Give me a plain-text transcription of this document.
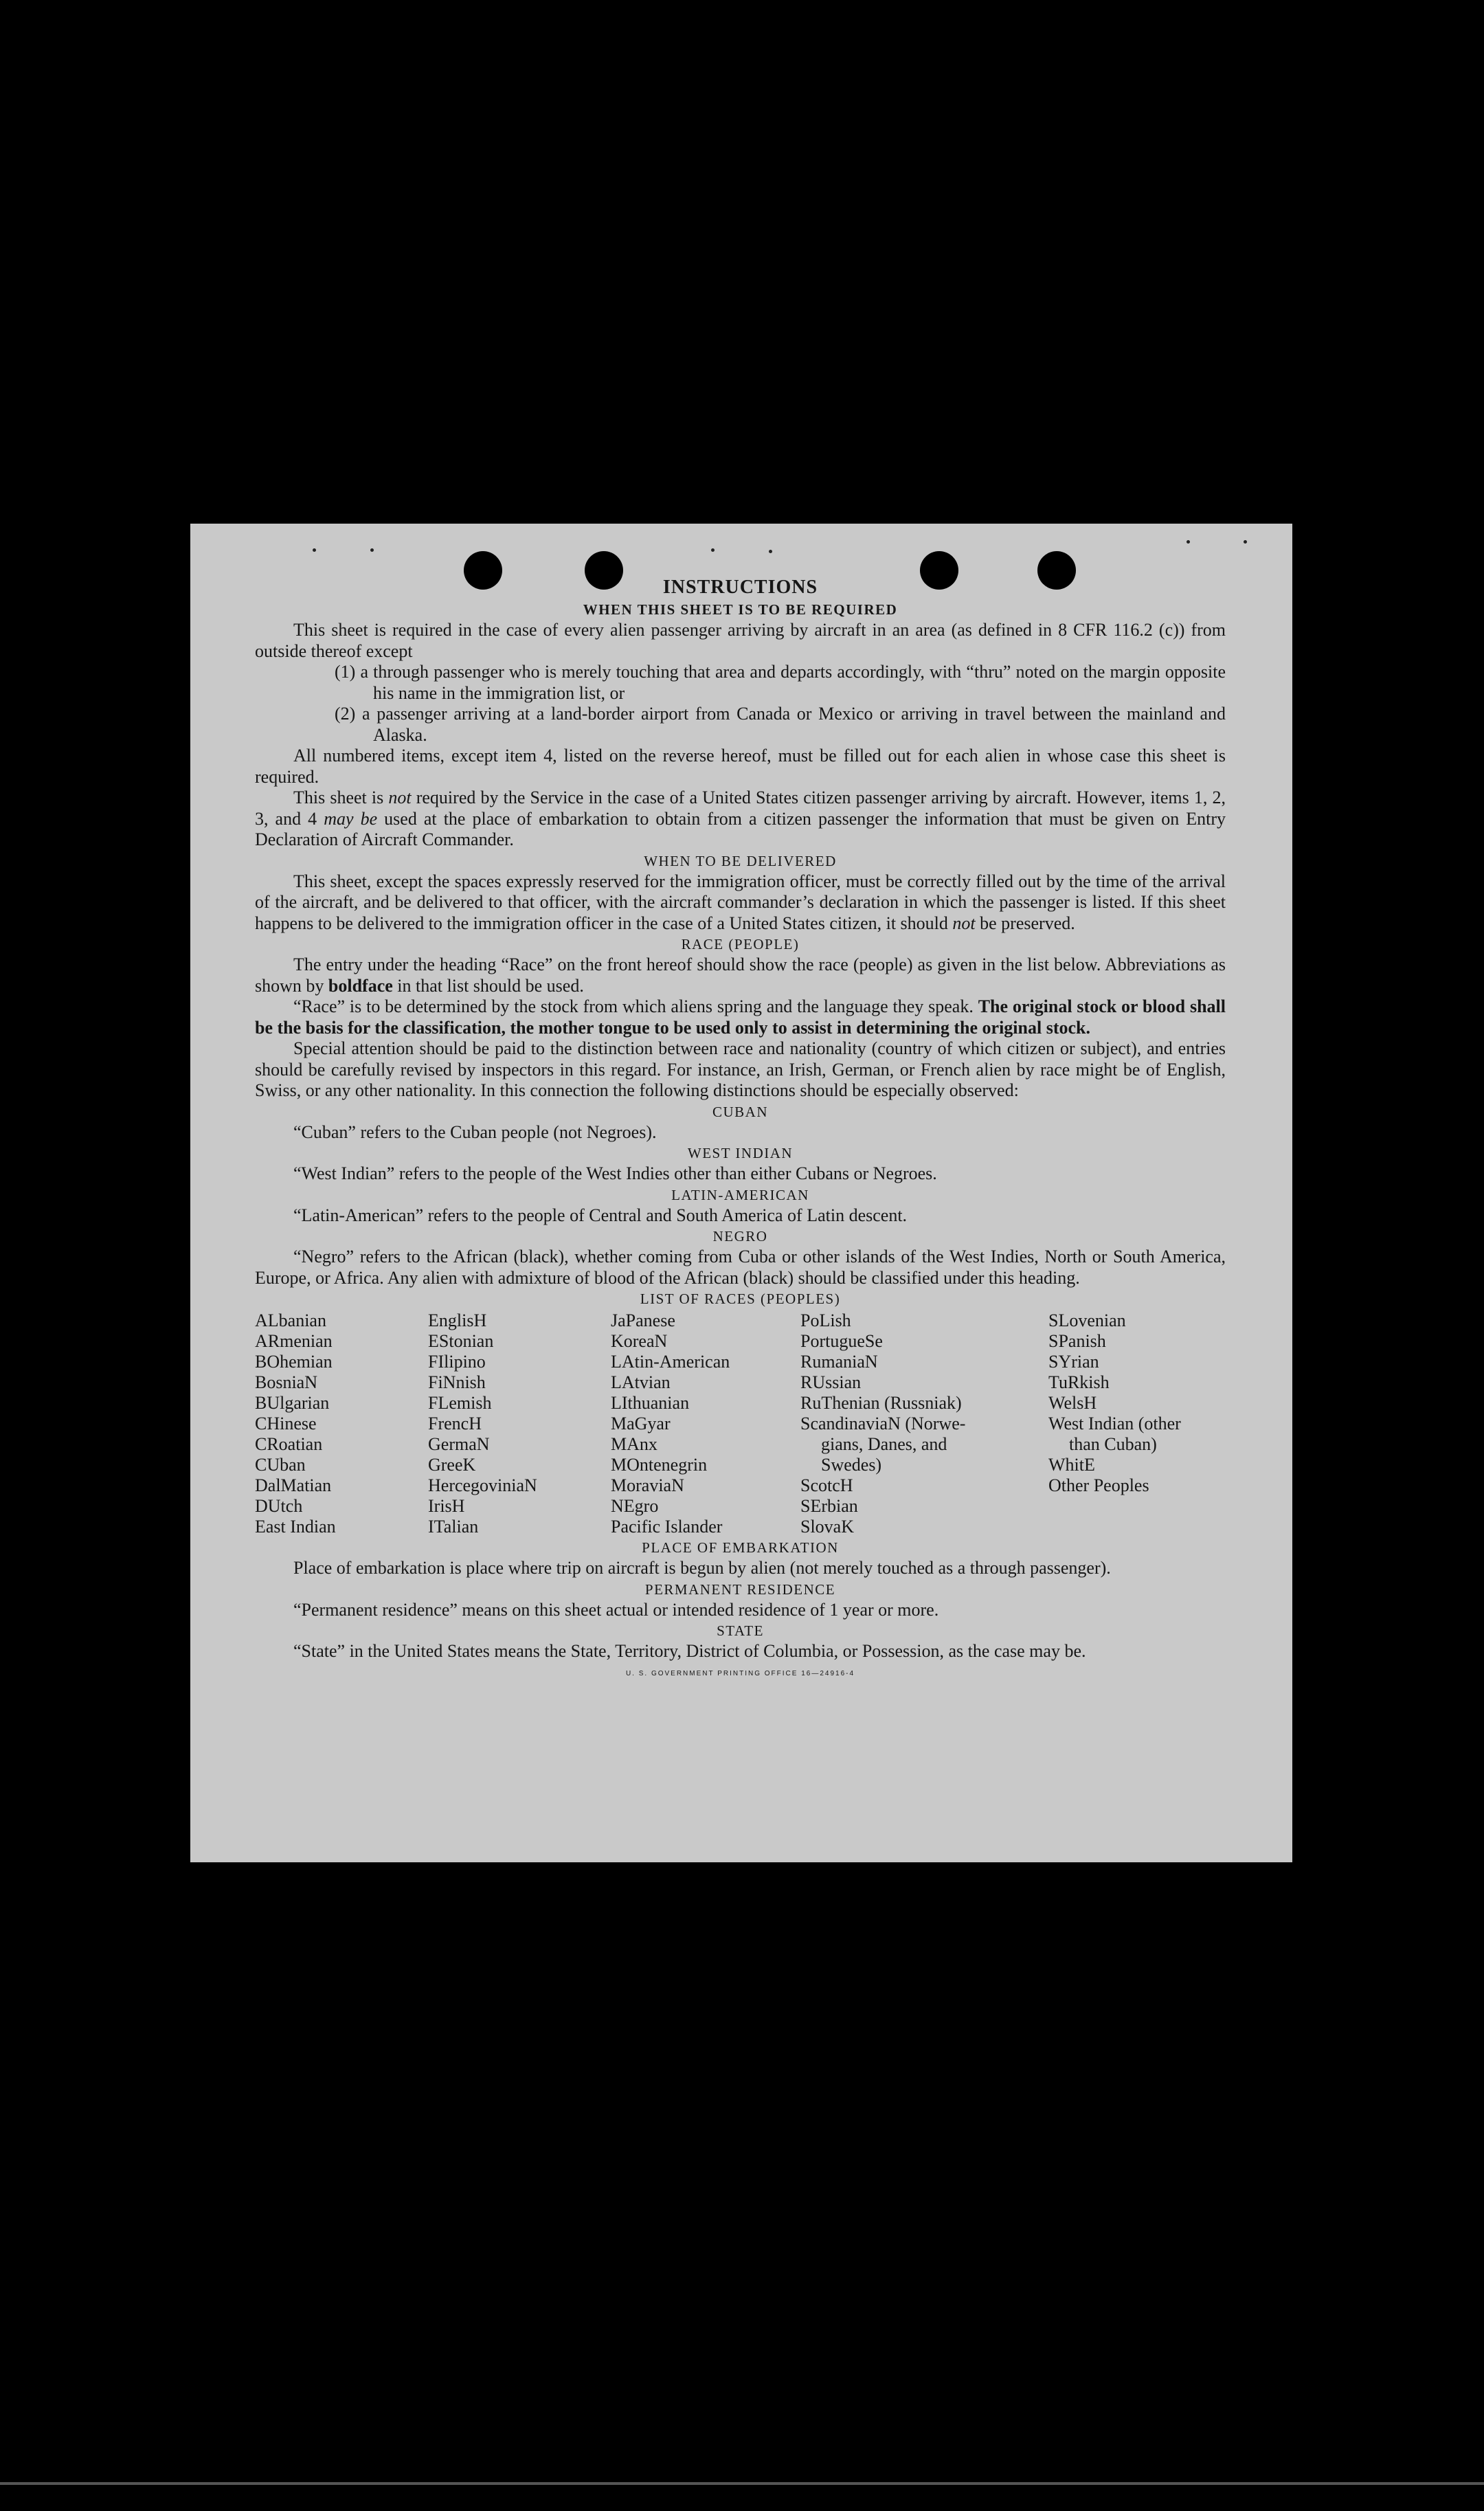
INSTRUCTIONS
WHEN THIS SHEET IS TO BE REQUIRED

This sheet is required in the case of every alien passenger arriving by aircraft in an area (as defined in 8 CFR 116.2 (c)) from outside thereof except

(1) a through passenger who is merely touching that area and departs accordingly, with “thru” noted on the margin opposite his name in the immigration list, or

(2) a passenger arriving at a land-border airport from Canada or Mexico or arriving in travel between the mainland and Alaska.

All numbered items, except item 4, listed on the reverse hereof, must be filled out for each alien in whose case this sheet is required.

This sheet is not required by the Service in the case of a United States citizen passenger arriving by aircraft. However, items 1, 2, 3, and 4 may be used at the place of embarkation to obtain from a citizen passenger the information that must be given on Entry Declaration of Aircraft Commander.

WHEN TO BE DELIVERED

This sheet, except the spaces expressly reserved for the immigration officer, must be correctly filled out by the time of the arrival of the aircraft, and be delivered to that officer, with the aircraft commander’s declaration in which the passenger is listed. If this sheet happens to be delivered to the immigration officer in the case of a United States citizen, it should not be preserved.

RACE (PEOPLE)

The entry under the heading “Race” on the front hereof should show the race (people) as given in the list below. Abbreviations as shown by boldface in that list should be used.

“Race” is to be determined by the stock from which aliens spring and the language they speak. The original stock or blood shall be the basis for the classification, the mother tongue to be used only to assist in determining the original stock.

Special attention should be paid to the distinction between race and nationality (country of which citizen or subject), and entries should be carefully revised by inspectors in this regard. For instance, an Irish, German, or French alien by race might be of English, Swiss, or any other nationality. In this connection the following distinctions should be especially observed:

CUBAN

“Cuban” refers to the Cuban people (not Negroes).

WEST INDIAN

“West Indian” refers to the people of the West Indies other than either Cubans or Negroes.

LATIN-AMERICAN

“Latin-American” refers to the people of Central and South America of Latin descent.

NEGRO

“Negro” refers to the African (black), whether coming from Cuba or other islands of the West Indies, North or South America, Europe, or Africa. Any alien with admixture of blood of the African (black) should be classified under this heading.

LIST OF RACES (PEOPLES)
ALbanian
ARmenian
BOhemian
BosniaN
BUlgarian
CHinese
CRoatian
CUban
DalMatian
DUtch
East Indian
EnglisH
EStonian
FIlipino
FiNnish
FLemish
FrencH
GermaN
GreeK
HercegoviniaN
IrisH
ITalian
JaPanese
KoreaN
LAtin-American
LAtvian
LIthuanian
MaGyar
MAnx
MOntenegrin
MoraviaN
NEgro
Pacific Islander
PoLish
PortugueSe
RumaniaN
RUssian
RuThenian (Russniak)
ScandinaviaN (Norwe-
gians, Danes, and
Swedes)
ScotcH
SErbian
SlovaK
SLovenian
SPanish
SYrian
TuRkish
WelsH
West Indian (other
than Cuban)
WhitE
Other Peoples
PLACE OF EMBARKATION

Place of embarkation is place where trip on aircraft is begun by alien (not merely touched as a through passenger).

PERMANENT RESIDENCE

“Permanent residence” means on this sheet actual or intended residence of 1 year or more.

STATE

“State” in the United States means the State, Territory, District of Columbia, or Possession, as the case may be.

U. S. GOVERNMENT PRINTING OFFICE 16—24916-4
